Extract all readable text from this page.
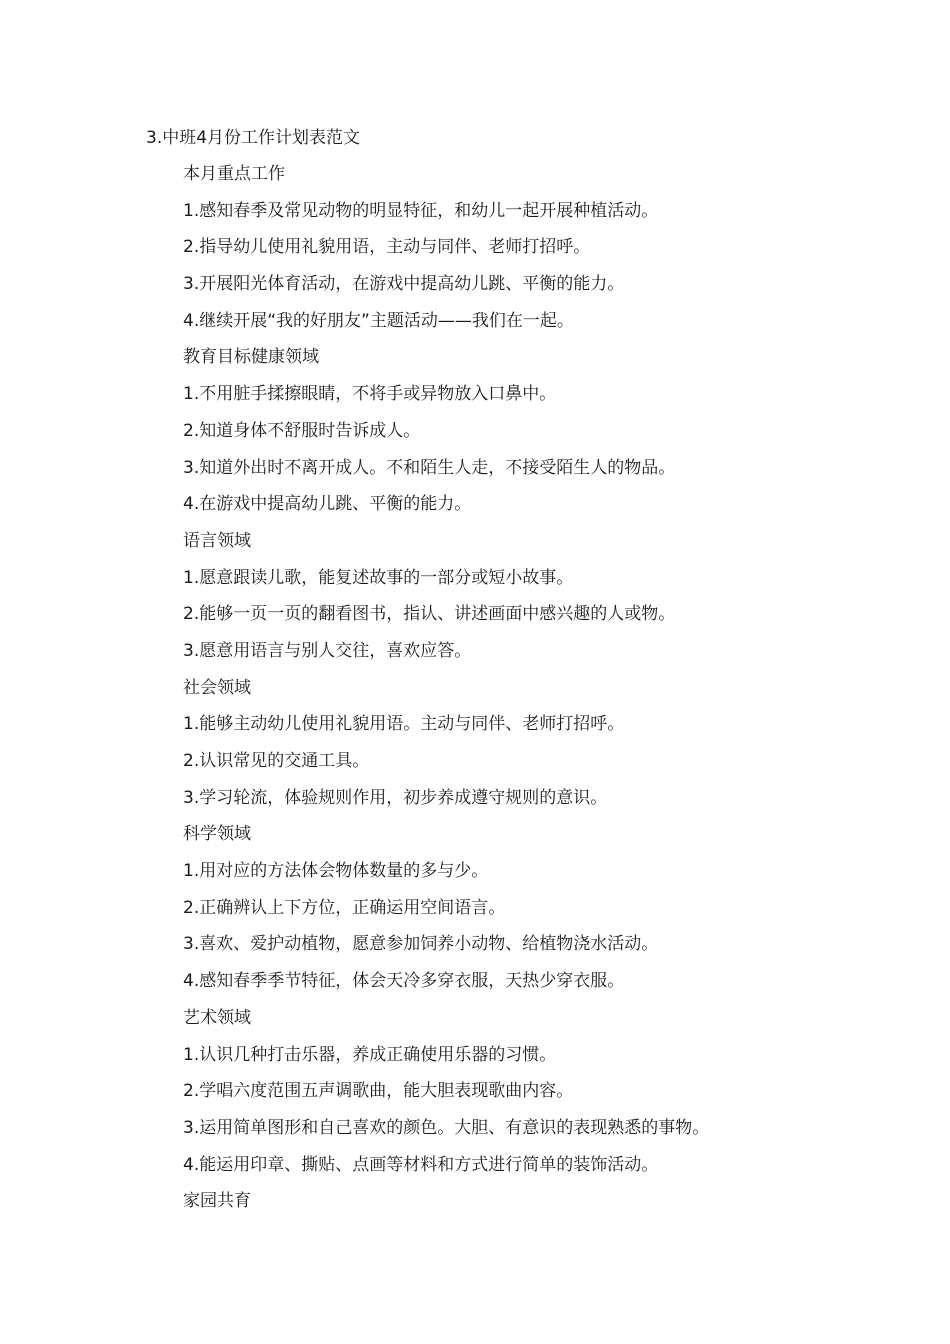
3.中班4月份工作计划表范文
本月重点工作
1.感知春季及常见动物的明显特征，和幼儿一起开展种植活动。
2.指导幼儿使用礼貌用语，主动与同伴、老师打招呼。
3.开展阳光体育活动，在游戏中提高幼儿跳、平衡的能力。
4.继续开展“我的好朋友”主题活动——我们在一起。
教育目标健康领域
1.不用脏手揉擦眼睛，不将手或异物放入口鼻中。
2.知道身体不舒服时告诉成人。
3.知道外出时不离开成人。不和陌生人走，不接受陌生人的物品。
4.在游戏中提高幼儿跳、平衡的能力。
语言领域
1.愿意跟读儿歌，能复述故事的一部分或短小故事。
2.能够一页一页的翻看图书，指认、讲述画面中感兴趣的人或物。
3.愿意用语言与别人交往，喜欢应答。
社会领域
1.能够主动幼儿使用礼貌用语。主动与同伴、老师打招呼。
2.认识常见的交通工具。
3.学习轮流，体验规则作用，初步养成遵守规则的意识。
科学领域
1.用对应的方法体会物体数量的多与少。
2.正确辨认上下方位，正确运用空间语言。
3.喜欢、爱护动植物，愿意参加饲养小动物、给植物浇水活动。
4.感知春季季节特征，体会天冷多穿衣服，天热少穿衣服。
艺术领域
1.认识几种打击乐器，养成正确使用乐器的习惯。
2.学唱六度范围五声调歌曲，能大胆表现歌曲内容。
3.运用简单图形和自己喜欢的颜色。大胆、有意识的表现熟悉的事物。
4.能运用印章、撕贴、点画等材料和方式进行简单的装饰活动。
家园共育
